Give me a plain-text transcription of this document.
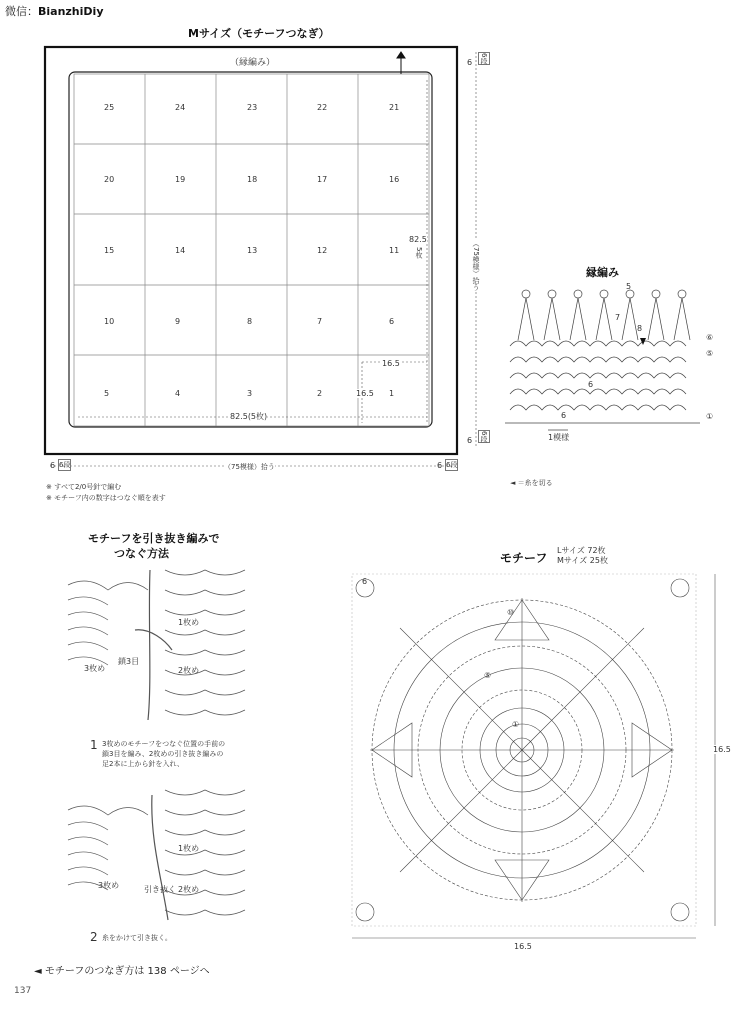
微信：BianzhiDiy
Mサイズ（モチーフつなぎ）
（縁編み）
25	24	23	22	21
20	19	18	17	16
15	14	13	12	11
10	9	8	7	6
5	4	3	2	1
16.5
16.5
82.5(5枚)
82.5
5枚
6 6段
6 6段
（75模様）拾う
6 6段	（75模様）拾う	6 6段
※ すべて2/0号針で編む
※ モチーフ内の数字はつなぐ順を表す
縁編み
⑥
⑤
①
5
7
8
6
6
1模様
◄ ＝糸を切る
モチーフを引き抜き編みで
つなぐ方法
1枚め
2枚め
3枚め
鎖3目
1 3枚めのモチーフをつなぐ位置の手前の
鎖3目を編み、2枚めの引き抜き編みの
足2本に上から針を入れ、
1枚め
2枚め
3枚め	引き抜く
2 糸をかけて引き抜く。
モチーフ
Lサイズ 72枚
Mサイズ 25枚
16.5
16.5
6
①
⑤
⑩
◄ モチーフのつなぎ方は 138 ページへ
137
